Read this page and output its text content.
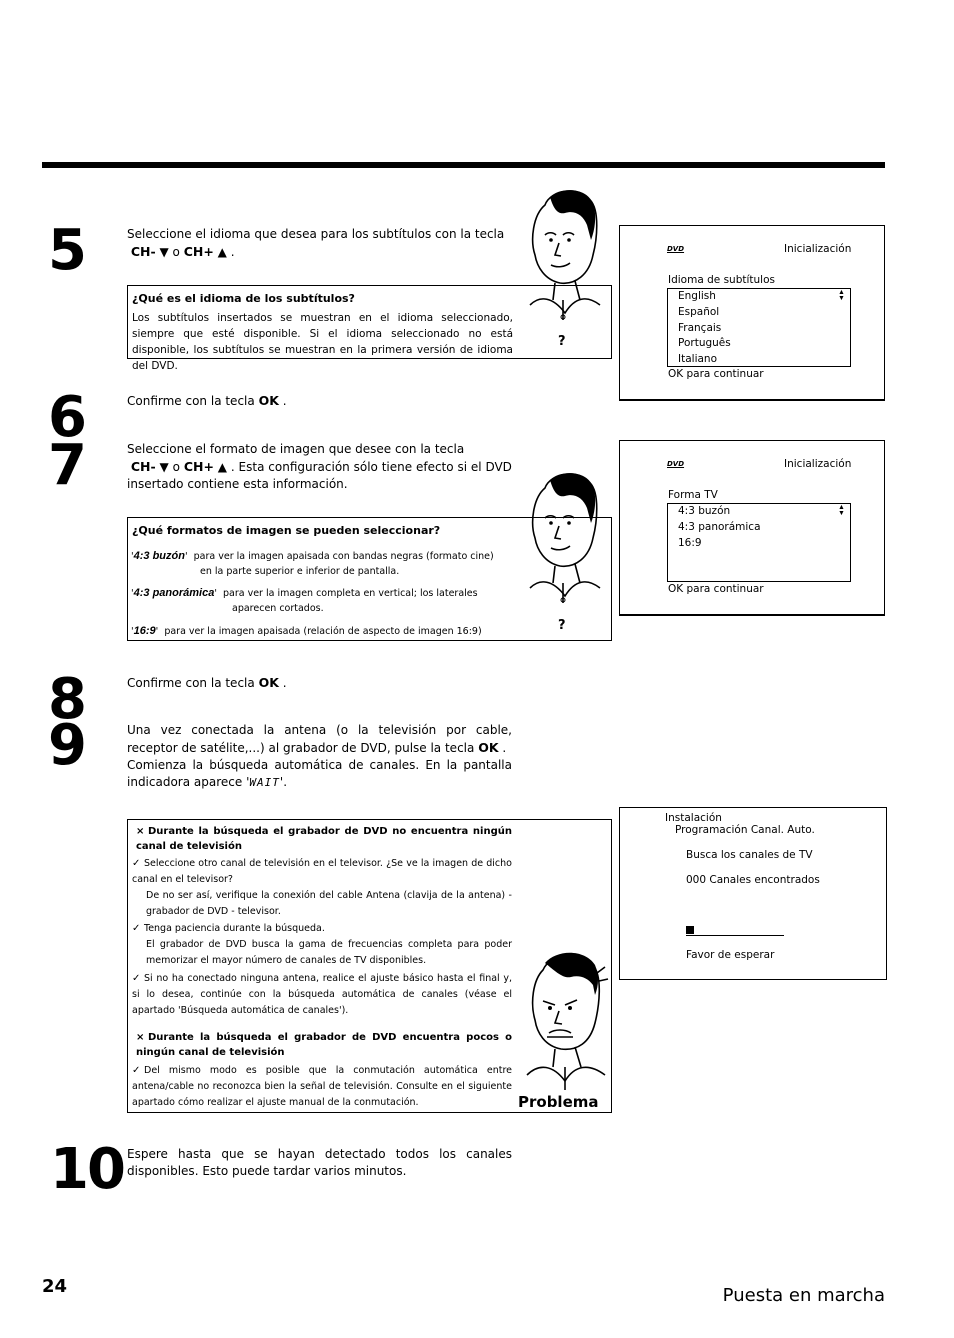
5	Seleccione el idioma que desea para los subtítulos con la tecla
CH- ▼ o CH+ ▲ .
¿Qué es el idioma de los subtítulos?
Los subtítulos insertados se muestran en el idioma seleccionado, siempre que esté disponible. Si el idioma seleccionado no está disponible, los subtítulos se muestran en la primera versión de idioma del DVD.
?
DVD	Inicialización
Idioma de subtítulos
English
Español
Français
Português
Italiano
▲
▼
OK para continuar
6	Confirme con la tecla OK .
7	Seleccione el formato de imagen que desee con la tecla
CH- ▼ o CH+ ▲ . Esta configuración sólo tiene efecto si el DVD insertado contiene esta información.
¿Qué formatos de imagen se pueden seleccionar?
'4:3 buzón'  para ver la imagen apaisada con bandas negras (formato cine)
en la parte superior e inferior de pantalla.
'4:3 panorámica'  para ver la imagen completa en vertical; los laterales
aparecen cortados.
'16:9'  para ver la imagen apaisada (relación de aspecto de imagen 16:9)	?
DVD	Inicialización
Forma TV
4:3 buzón
4:3 panorámica
16:9
▲
▼
OK para continuar
8	Confirme con la tecla OK .
9	Una vez conectada la antena (o la televisión por cable, receptor de satélite,...) al grabador de DVD, pulse la tecla OK .
Comienza la búsqueda automática de canales. En la pantalla indicadora aparece 'WAIT'.
× Durante la búsqueda el grabador de DVD no encuentra ningún canal de televisión
✓ Seleccione otro canal de televisión en el televisor. ¿Se ve la imagen de dicho canal en el televisor?
De no ser así, verifique la conexión del cable Antena (clavija de la antena) - grabador de DVD - televisor.
✓ Tenga paciencia durante la búsqueda.
El grabador de DVD busca la gama de frecuencias completa para poder memorizar el mayor número de canales de TV disponibles.
✓ Si no ha conectado ninguna antena, realice el ajuste básico hasta el final y, si lo desea, continúe con la búsqueda automática de canales (véase el apartado 'Búsqueda automática de canales').
× Durante la búsqueda el grabador de DVD encuentra pocos o ningún canal de televisión
✓ Del mismo modo es posible que la conmutación automática entre antena/cable no reconozca bien la señal de televisión. Consulte en el siguiente apartado cómo realizar el ajuste manual de la conmutación.	Problema
Instalación
Programación Canal. Auto.
Busca los canales de TV
000 Canales encontrados
Favor de esperar
10 Espere hasta que se hayan detectado todos los canales disponibles. Esto puede tardar varios minutos.
24	Puesta en marcha
